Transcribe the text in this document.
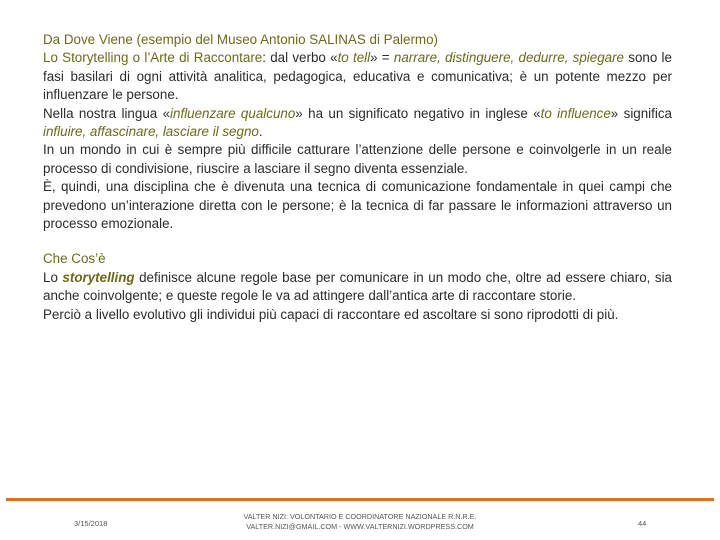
Da Dove Viene (esempio del Museo Antonio SALINAS di Palermo)

Lo Storytelling o l’Arte di Raccontare: dal verbo «to tell» = narrare, distinguere, dedurre, spiegare sono le fasi basilari di ogni attività analitica, pedagogica, educativa e comunicativa; è un potente mezzo per influenzare le persone.

Nella nostra lingua «influenzare qualcuno» ha un significato negativo in inglese «to influence» significa influire, affascinare, lasciare il segno.

In un mondo in cui è sempre più difficile catturare l’attenzione delle persone e coinvolgerle in un reale processo di condivisione, riuscire a lasciare il segno diventa essenziale.

È, quindi, una disciplina che è divenuta una tecnica di comunicazione fondamentale in quei campi che prevedono un’interazione diretta con le persone; è la tecnica di far passare le informazioni attraverso un processo emozionale.

Che Cos’è

Lo storytelling definisce alcune regole base per comunicare in un modo che, oltre ad essere chiaro, sia anche coinvolgente; e queste regole le va ad attingere dall’antica arte di raccontare storie.

Perciò a livello evolutivo gli individui più capaci di raccontare ed ascoltare si sono riprodotti di più.

3/15/2018
VALTER NIZI: VOLONTARIO E COORDINATORE NAZIONALE R.N.R.E.
VALTER.NIZI@GMAIL.COM - WWW.VALTERNIZI.WORDPRESS.COM	44
